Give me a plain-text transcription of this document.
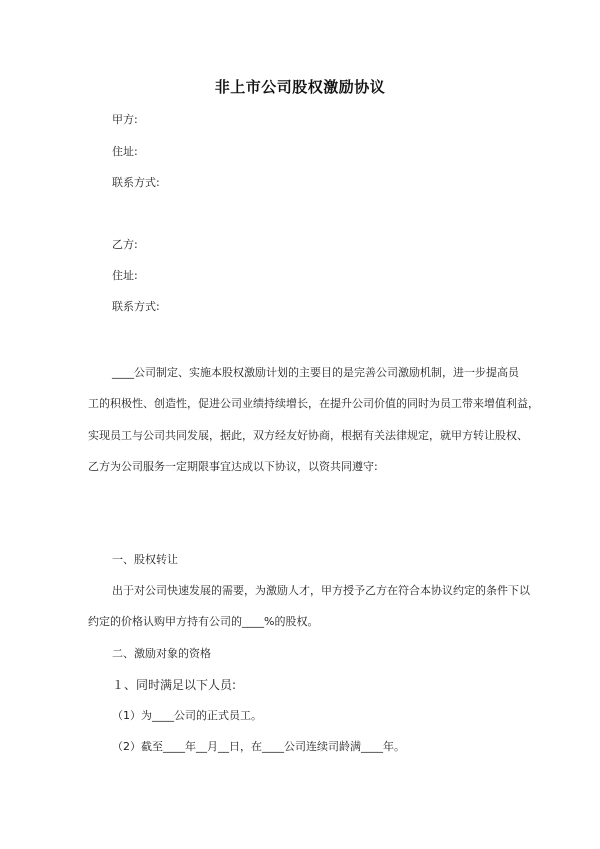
非上市公司股权激励协议
甲方:
住址:
联系方式:
乙方:
住址:
联系方式:
____公司制定、实施本股权激励计划的主要目的是完善公司激励机制，进一步提高员
工的积极性、创造性，促进公司业绩持续增长，在提升公司价值的同时为员工带来增值利益，
实现员工与公司共同发展，据此，双方经友好协商，根据有关法律规定，就甲方转让股权、
乙方为公司服务一定期限事宜达成以下协议，以资共同遵守:
一、股权转让
出于对公司快速发展的需要，为激励人才，甲方授予乙方在符合本协议约定的条件下以
约定的价格认购甲方持有公司的____%的股权。
二、激励对象的资格
１、同时满足以下人员:
（1）为____公司的正式员工。
（2）截至____年__月__日，在____公司连续司龄满____年。
